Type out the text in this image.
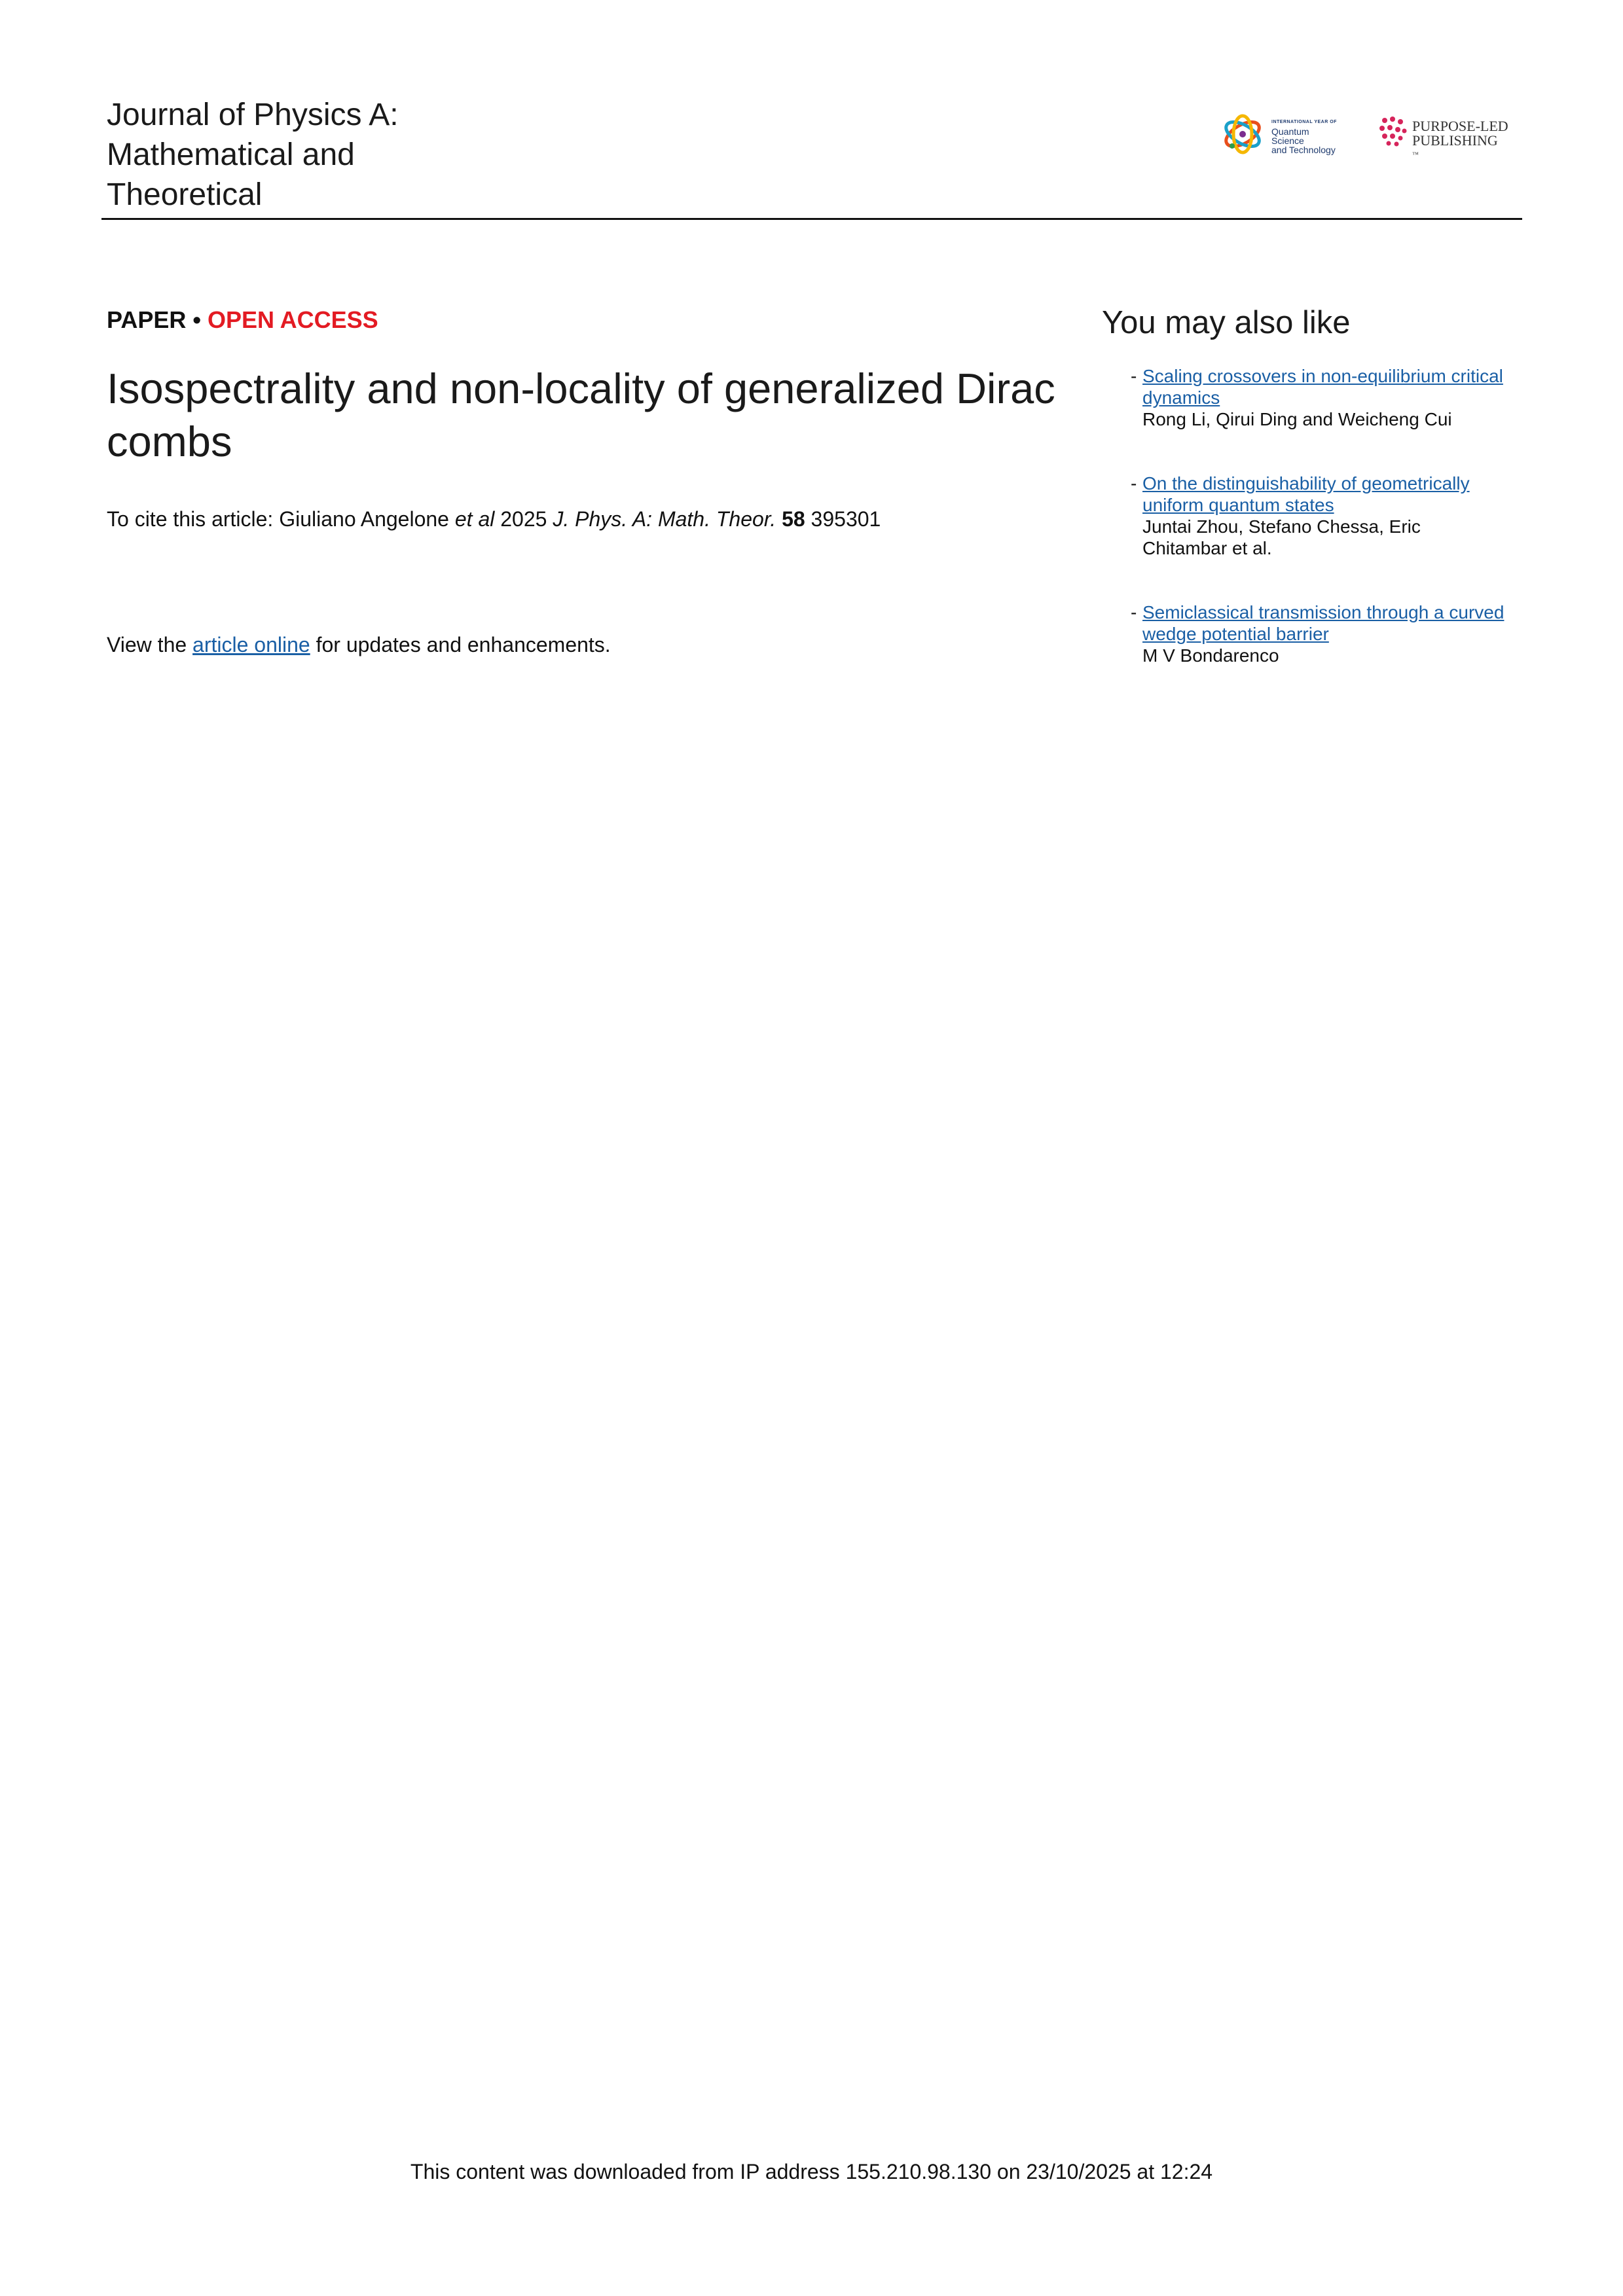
Journal of Physics A:
Mathematical and
Theoretical
INTERNATIONAL YEAR OF
Quantum Science
and Technology
PURPOSE-LED
PUBLISHING
™
PAPER • OPEN ACCESS
Isospectrality and non-locality of generalized Dirac combs
To cite this article: Giuliano Angelone et al 2025 J. Phys. A: Math. Theor. 58 395301
View the article online for updates and enhancements.
You may also like
- Scaling crossovers in non-equilibrium critical dynamics
Rong Li, Qirui Ding and Weicheng Cui
- On the distinguishability of geometrically uniform quantum states
Juntai Zhou, Stefano Chessa, Eric Chitambar et al.
- Semiclassical transmission through a curved wedge potential barrier
M V Bondarenco
This content was downloaded from IP address 155.210.98.130 on 23/10/2025 at 12:24
